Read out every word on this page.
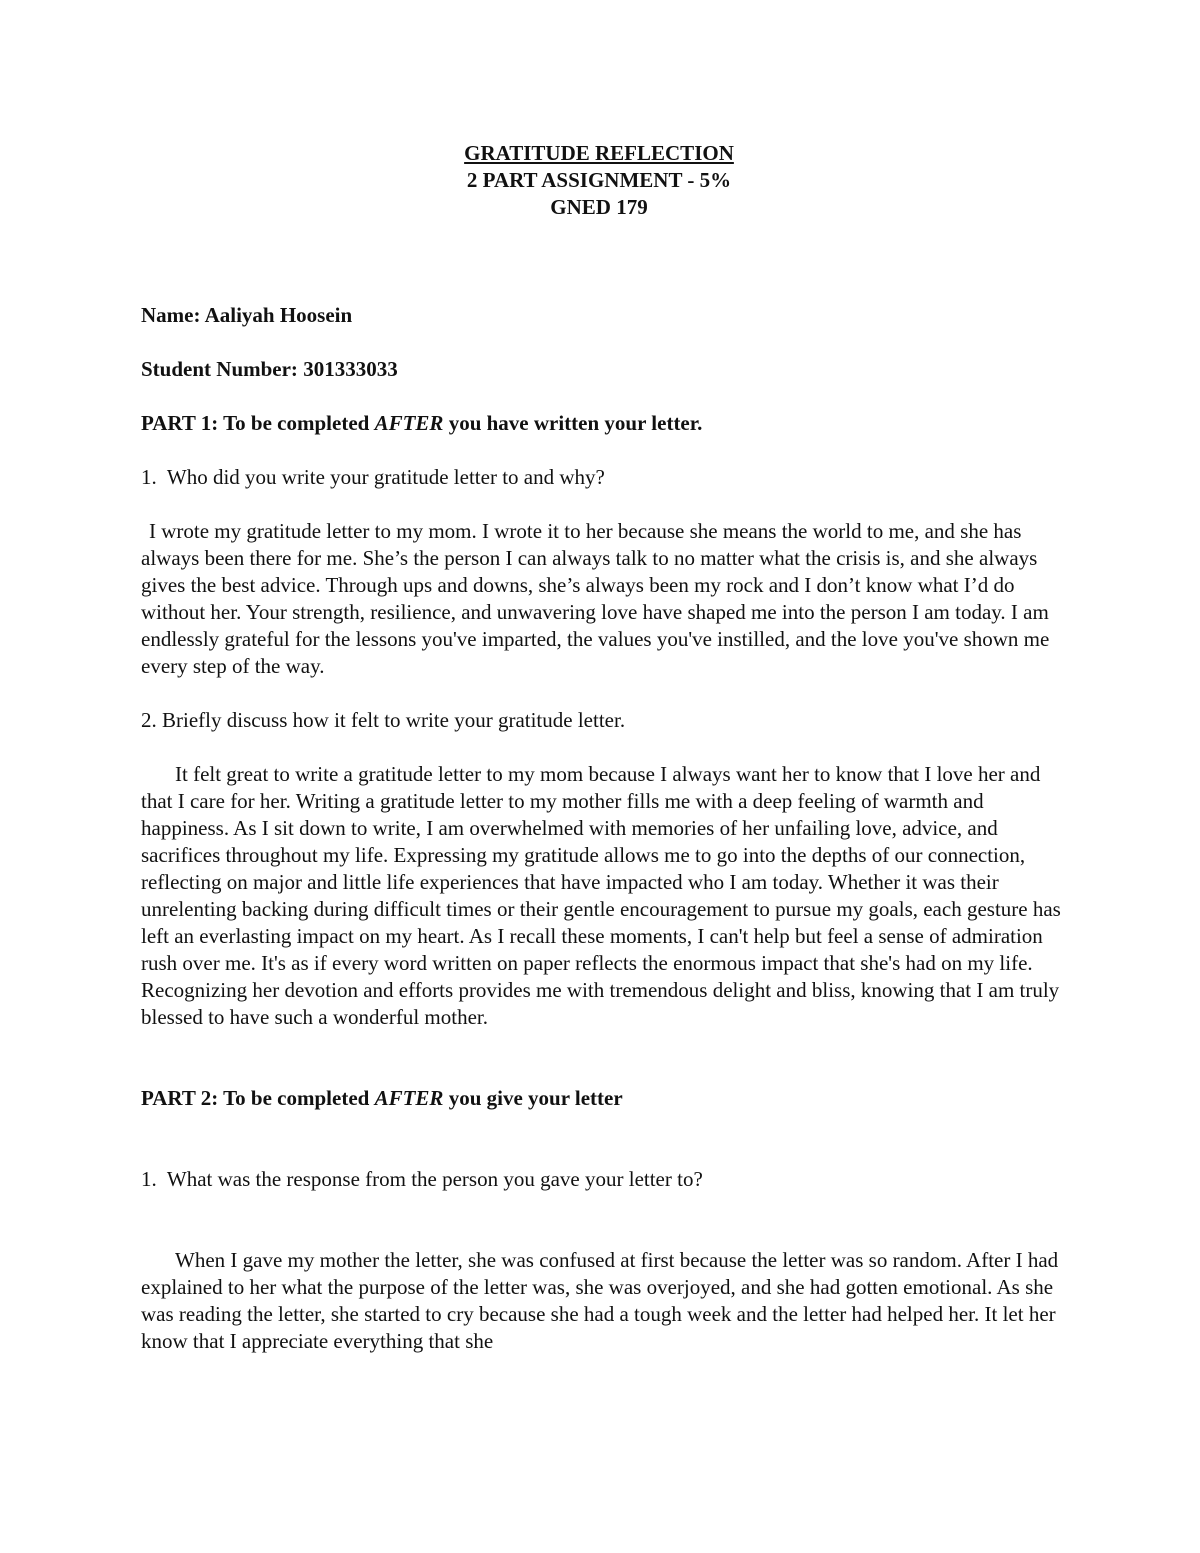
GRATITUDE REFLECTION
2 PART ASSIGNMENT - 5%
GNED 179
Name: Aaliyah Hoosein
Student Number: 301333033
PART 1: To be completed AFTER you have written your letter.
1.  Who did you write your gratitude letter to and why?

I wrote my gratitude letter to my mom. I wrote it to her because she means the world to me, and she has always been there for me. She’s the person I can always talk to no matter what the crisis is, and she always gives the best advice. Through ups and downs, she’s always been my rock and I don’t know what I’d do without her. Your strength, resilience, and unwavering love have shaped me into the person I am today. I am endlessly grateful for the lessons you've imparted, the values you've instilled, and the love you've shown me every step of the way.

2. Briefly discuss how it felt to write your gratitude letter.

It felt great to write a gratitude letter to my mom because I always want her to know that I love her and that I care for her. Writing a gratitude letter to my mother fills me with a deep feeling of warmth and happiness. As I sit down to write, I am overwhelmed with memories of her unfailing love, advice, and sacrifices throughout my life. Expressing my gratitude allows me to go into the depths of our connection, reflecting on major and little life experiences that have impacted who I am today. Whether it was their unrelenting backing during difficult times or their gentle encouragement to pursue my goals, each gesture has left an everlasting impact on my heart. As I recall these moments, I can't help but feel a sense of admiration rush over me. It's as if every word written on paper reflects the enormous impact that she's had on my life. Recognizing her devotion and efforts provides me with tremendous delight and bliss, knowing that I am truly blessed to have such a wonderful mother.

PART 2: To be completed AFTER you give your letter
1.  What was the response from the person you gave your letter to?

When I gave my mother the letter, she was confused at first because the letter was so random. After I had explained to her what the purpose of the letter was, she was overjoyed, and she had gotten emotional. As she was reading the letter, she started to cry because she had a tough week and the letter had helped her. It let her know that I appreciate everything that she
